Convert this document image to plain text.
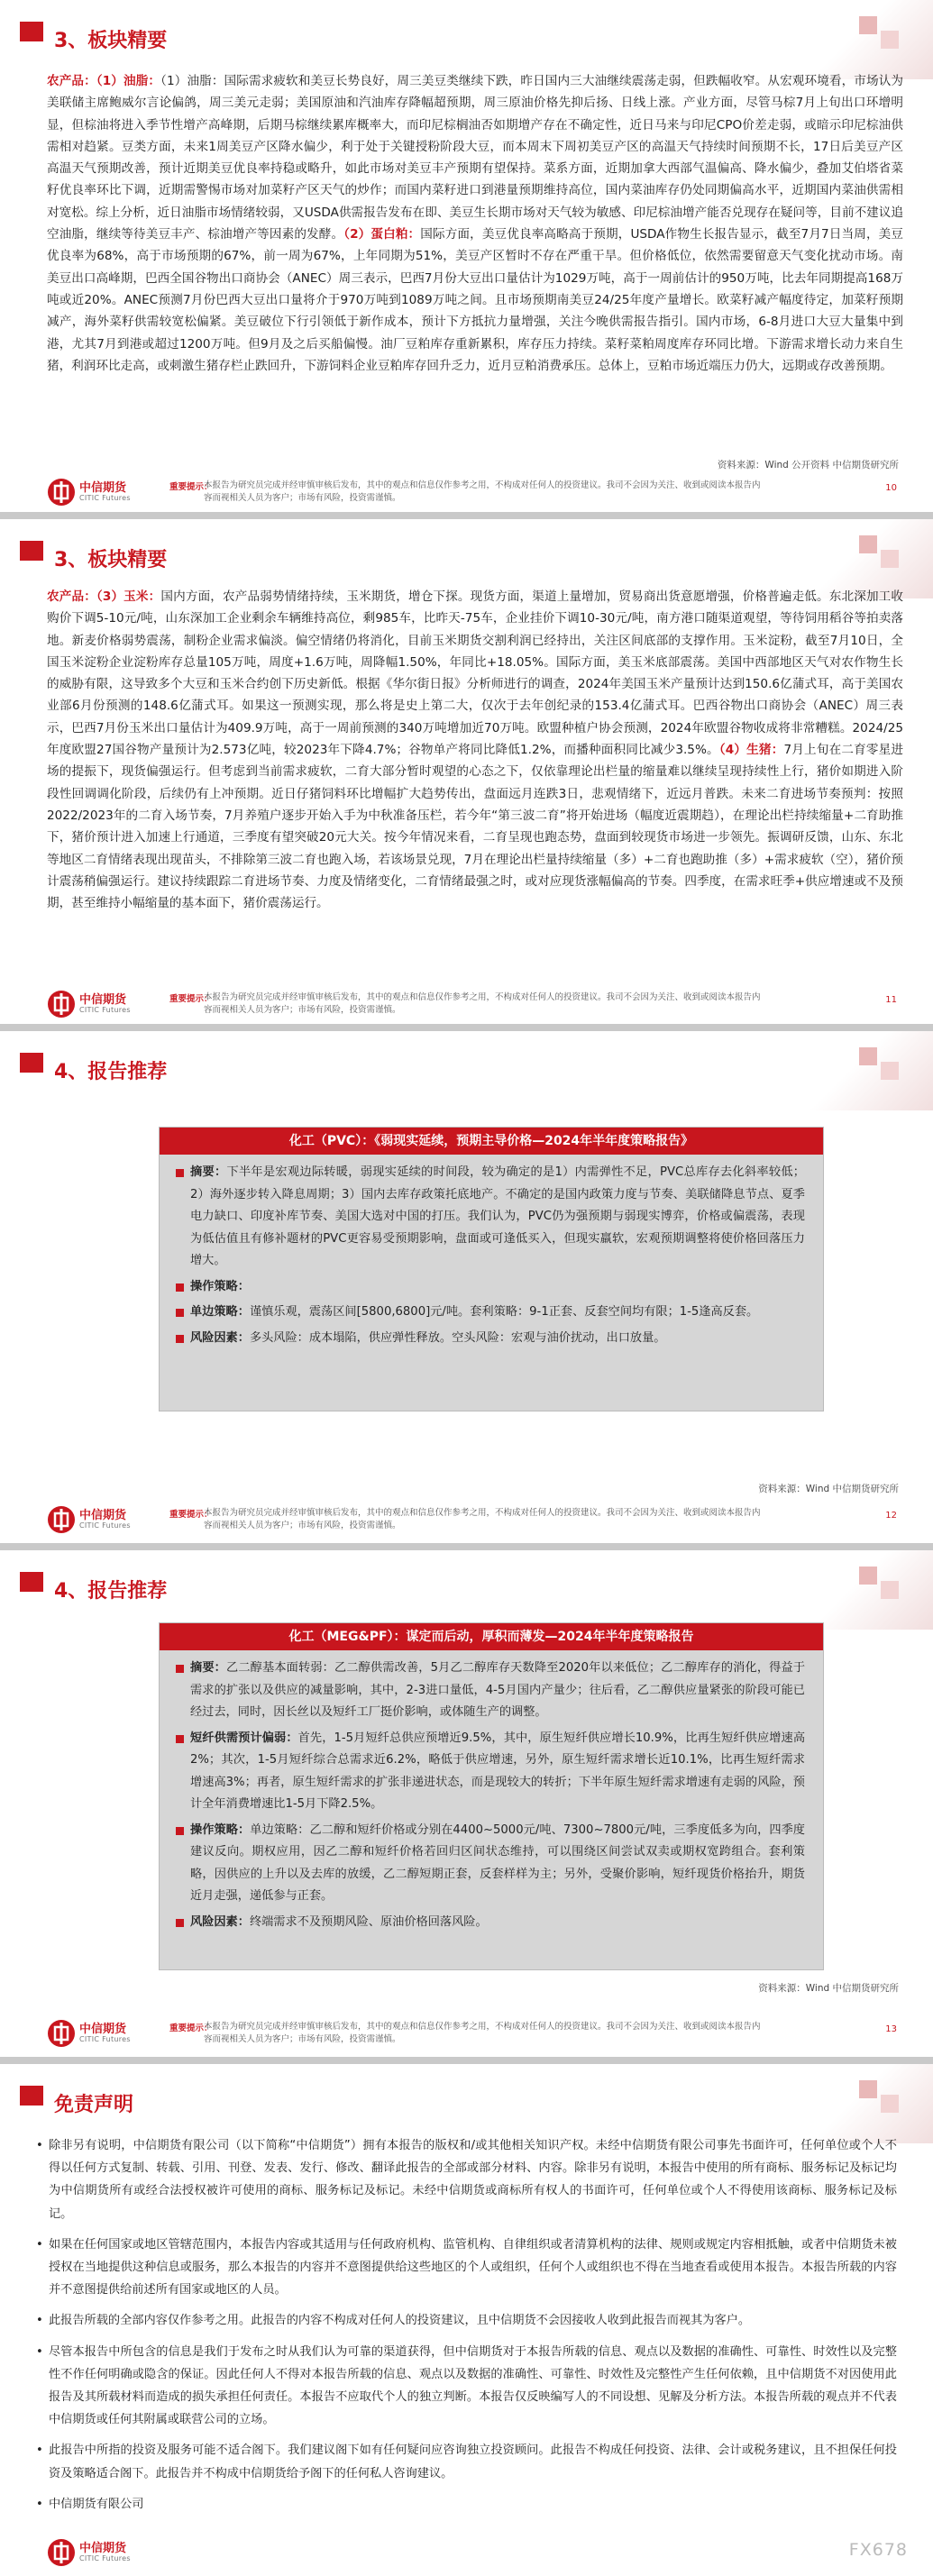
3、板块精要
农产品：（1）油脂：（1）油脂：国际需求疲软和美豆长势良好，周三美豆类继续下跌，昨日国内三大油继续震荡走弱，但跌幅收窄。从宏观环境看，市场认为美联储主席鲍威尔言论偏鸽，周三美元走弱；美国原油和汽油库存降幅超预期，周三原油价格先抑后扬、日线上涨。产业方面，尽管马棕7月上旬出口环增明显，但棕油将进入季节性增产高峰期，后期马棕继续累库概率大，而印尼棕榈油否如期增产存在不确定性，近日马来与印尼CPO价差走弱，或暗示印尼棕油供需相对趋紧。豆类方面，未来1周美豆产区降水偏少，利于处于关键授粉阶段大豆，而本周末下周初美豆产区的高温天气持续时间预期不长，17日后美豆产区高温天气预期改善，预计近期美豆优良率持稳或略升，如此市场对美豆丰产预期有望保持。菜系方面，近期加拿大西部气温偏高、降水偏少，叠加艾伯塔省菜籽优良率环比下调，近期需警惕市场对加菜籽产区天气的炒作；而国内菜籽进口到港量预期维持高位，国内菜油库存仍处同期偏高水平，近期国内菜油供需相对宽松。综上分析，近日油脂市场情绪较弱，又USDA供需报告发布在即、美豆生长期市场对天气较为敏感、印尼棕油增产能否兑现存在疑问等，目前不建议追空油脂，继续等待美豆丰产、棕油增产等因素的发酵。（2）蛋白粕：国际方面，美豆优良率高略高于预期，USDA作物生长报告显示，截至7月7日当周，美豆优良率为68%，高于市场预期的67%，前一周为67%，上年同期为51%，美豆产区暂时不存在严重干旱。但价格低位，依然需要留意天气变化扰动市场。南美豆出口高峰期，巴西全国谷物出口商协会（ANEC）周三表示，巴西7月份大豆出口量估计为1029万吨，高于一周前估计的950万吨，比去年同期提高168万吨或近20%。ANEC预测7月份巴西大豆出口量将介于970万吨到1089万吨之间。且市场预期南美豆24/25年度产量增长。欧菜籽减产幅度待定，加菜籽预期减产，海外菜籽供需较宽松偏紧。美豆破位下行引领低于新作成本，预计下方抵抗力量增强，关注今晚供需报告指引。国内市场，6-8月进口大豆大量集中到港，尤其7月到港或超过1200万吨。但9月及之后买船偏慢。油厂豆粕库存重新累积，库存压力持续。菜籽菜粕周度库存环同比增。下游需求增长动力来自生猪，利润环比走高，或刺激生猪存栏止跌回升，下游饲料企业豆粕库存回升乏力，近月豆粕消费承压。总体上，豆粕市场近端压力仍大，远期或存改善预期。
资料来源：Wind 公开资料 中信期货研究所
中信期货
CITIC Futures
重要提示：
本报告为研究员完成并经审慎审核后发布，其中的观点和信息仅作参考之用，不构成对任何人的投资建议。我司不会因为关注、收到或阅读本报告内容而视相关人员为客户；市场有风险，投资需谨慎。
10
3、板块精要
农产品：（3）玉米：国内方面，农产品弱势情绪持续，玉米期货，增仓下探。现货方面，渠道上量增加，贸易商出货意愿增强，价格普遍走低。东北深加工收购价下调5-10元/吨，山东深加工企业剩余车辆维持高位，剩985车，比昨天-75车，企业挂价下调10-30元/吨，南方港口随渠道观望，等待饲用稻谷等拍卖落地。新麦价格弱势震荡，制粉企业需求偏淡。偏空情绪仍将消化，目前玉米期货交割利润已经持出，关注区间底部的支撑作用。玉米淀粉，截至7月10日，全国玉米淀粉企业淀粉库存总量105万吨，周度+1.6万吨，周降幅1.50%，年同比+18.05%。国际方面，美玉米底部震荡。美国中西部地区天气对农作物生长的威胁有限，这导致多个大豆和玉米合约创下历史新低。根据《华尔街日报》分析师进行的调查，2024年美国玉米产量预计达到150.6亿蒲式耳，高于美国农业部6月份预测的148.6亿蒲式耳。如果这一预测实现，那么将是史上第二大，仅次于去年创纪录的153.4亿蒲式耳。巴西谷物出口商协会（ANEC）周三表示，巴西7月份玉米出口量估计为409.9万吨，高于一周前预测的340万吨增加近70万吨。欧盟种植户协会预测，2024年欧盟谷物收成将非常糟糕。2024/25年度欧盟27国谷物产量预计为2.573亿吨，较2023年下降4.7%；谷物单产将同比降低1.2%，而播种面积同比减少3.5%。（4）生猪：7月上旬在二育零星进场的提振下，现货偏强运行。但考虑到当前需求疲软，二育大部分暂时观望的心态之下，仅依靠理论出栏量的缩量难以继续呈现持续性上行，猪价如期进入阶段性回调调化阶段，后续仍有上冲预期。近日仔猪饲料环比增幅扩大趋势传出，盘面远月连跌3日，悲观情绪下，近远月普跌。未来二育进场节奏预判：按照2022/2023年的二育入场节奏，7月养殖户逐步开始入手为中秋准备压栏，若今年“第三波二育”将开始进场（幅度近震期趋），在理论出栏持续缩量+二育助推下，猪价预计进入加速上行通道，三季度有望突破20元大关。按今年情况来看，二育呈现也跑态势，盘面到较现货市场进一步领先。振调研反馈，山东、东北等地区二育情绪表现出现苗头，不排除第三波二育也跑入场，若该场景兑现，7月在理论出栏量持续缩量（多）+二育也跑助推（多）+需求疲软（空），猪价预计震荡稍偏强运行。建议持续跟踪二育进场节奏、力度及情绪变化，二育情绪最强之时，或对应现货涨幅偏高的节奏。四季度，在需求旺季+供应增速或不及预期，甚至维持小幅缩量的基本面下，猪价震荡运行。
中信期货
CITIC Futures
重要提示：
本报告为研究员完成并经审慎审核后发布，其中的观点和信息仅作参考之用，不构成对任何人的投资建议。我司不会因为关注、收到或阅读本报告内容而视相关人员为客户；市场有风险，投资需谨慎。
11
4、报告推荐
化工（PVC）：《弱现实延续，预期主导价格—2024年半年度策略报告》
摘要：下半年是宏观边际转暖，弱现实延续的时间段，较为确定的是1）内需弹性不足，PVC总库存去化斜率较低；2）海外逐步转入降息周期；3）国内去库存政策托底地产。不确定的是国内政策力度与节奏、美联储降息节点、夏季电力缺口、印度补库节奏、美国大选对中国的打压。我们认为，PVC仍为强预期与弱现实博弈，价格或偏震荡，表现为低估值且有修补题材的PVC更容易受预期影响，盘面或可逢低买入，但现实羸软，宏观预期调整将使价格回落压力增大。
操作策略：
单边策略：谨慎乐观，震荡区间[5800,6800]元/吨。套利策略：9-1正套、反套空间均有限；1-5逢高反套。
风险因素：多头风险：成本塌陷，供应弹性释放。空头风险：宏观与油价扰动，出口放量。
资料来源：Wind 中信期货研究所
中信期货
CITIC Futures
重要提示：
本报告为研究员完成并经审慎审核后发布，其中的观点和信息仅作参考之用，不构成对任何人的投资建议。我司不会因为关注、收到或阅读本报告内容而视相关人员为客户；市场有风险，投资需谨慎。
12
4、报告推荐
化工（MEG&PF）：谋定而后动，厚积而薄发—2024年半年度策略报告
摘要：乙二醇基本面转弱：乙二醇供需改善，5月乙二醇库存天数降至2020年以来低位；乙二醇库存的消化，得益于需求的扩张以及供应的减量影响，其中，2-3进口量低，4-5月国内产量少；往后看，乙二醇供应量紧张的阶段可能已经过去，同时，因长丝以及短纤工厂挺价影响，或体随生产的调整。
短纤供需预计偏弱：首先，1-5月短纤总供应预增近9.5%，其中，原生短纤供应增长10.9%，比再生短纤供应增速高2%；其次，1-5月短纤综合总需求近6.2%，略低于供应增速，另外，原生短纤需求增长近10.1%，比再生短纤需求增速高3%；再者，原生短纤需求的扩张非递进状态，而是现较大的转折；下半年原生短纤需求增速有走弱的风险，预计全年消费增速比1-5月下降2.5%。
操作策略：单边策略：乙二醇和短纤价格或分别在4400~5000元/吨、7300~7800元/吨，三季度低多为向，四季度建议反向。期权应用，因乙二醇和短纤价格若回归区间状态维持，可以围绕区间尝试双卖或期权宽跨组合。套利策略，因供应的上升以及去库的放缓，乙二醇短期正套，反套样样为主；另外，受聚价影响，短纤现货价格抬升，期货近月走强，递低参与正套。
风险因素：终端需求不及预期风险、原油价格回落风险。
资料来源：Wind 中信期货研究所
中信期货
CITIC Futures
重要提示：
本报告为研究员完成并经审慎审核后发布，其中的观点和信息仅作参考之用，不构成对任何人的投资建议。我司不会因为关注、收到或阅读本报告内容而视相关人员为客户；市场有风险，投资需谨慎。
13
免责声明
• 除非另有说明，中信期货有限公司（以下简称“中信期货”）拥有本报告的版权和/或其他相关知识产权。未经中信期货有限公司事先书面许可，任何单位或个人不得以任何方式复制、转载、引用、刊登、发表、发行、修改、翻译此报告的全部或部分材料、内容。除非另有说明，本报告中使用的所有商标、服务标记及标记均为中信期货所有或经合法授权被许可使用的商标、服务标记及标记。未经中信期货或商标所有权人的书面许可，任何单位或个人不得使用该商标、服务标记及标记。
• 如果在任何国家或地区管辖范围内，本报告内容或其适用与任何政府机构、监管机构、自律组织或者清算机构的法律、规则或规定内容相抵触，或者中信期货未被授权在当地提供这种信息或服务，那么本报告的内容并不意图提供给这些地区的个人或组织，任何个人或组织也不得在当地查看或使用本报告。本报告所载的内容并不意图提供给前述所有国家或地区的人员。
• 此报告所载的全部内容仅作参考之用。此报告的内容不构成对任何人的投资建议，且中信期货不会因接收人收到此报告而视其为客户。
• 尽管本报告中所包含的信息是我们于发布之时从我们认为可靠的渠道获得，但中信期货对于本报告所载的信息、观点以及数据的准确性、可靠性、时效性以及完整性不作任何明确或隐含的保证。因此任何人不得对本报告所载的信息、观点以及数据的准确性、可靠性、时效性及完整性产生任何依赖，且中信期货不对因使用此报告及其所载材料而造成的损失承担任何责任。本报告不应取代个人的独立判断。本报告仅反映编写人的不同设想、见解及分析方法。本报告所载的观点并不代表中信期货或任何其附属或联营公司的立场。
• 此报告中所指的投资及服务可能不适合阁下。我们建议阁下如有任何疑问应咨询独立投资顾问。此报告不构成任何投资、法律、会计或税务建议，且不担保任何投资及策略适合阁下。此报告并不构成中信期货给予阁下的任何私人咨询建议。
• 中信期货有限公司
中信期货
CITIC Futures	FX678
